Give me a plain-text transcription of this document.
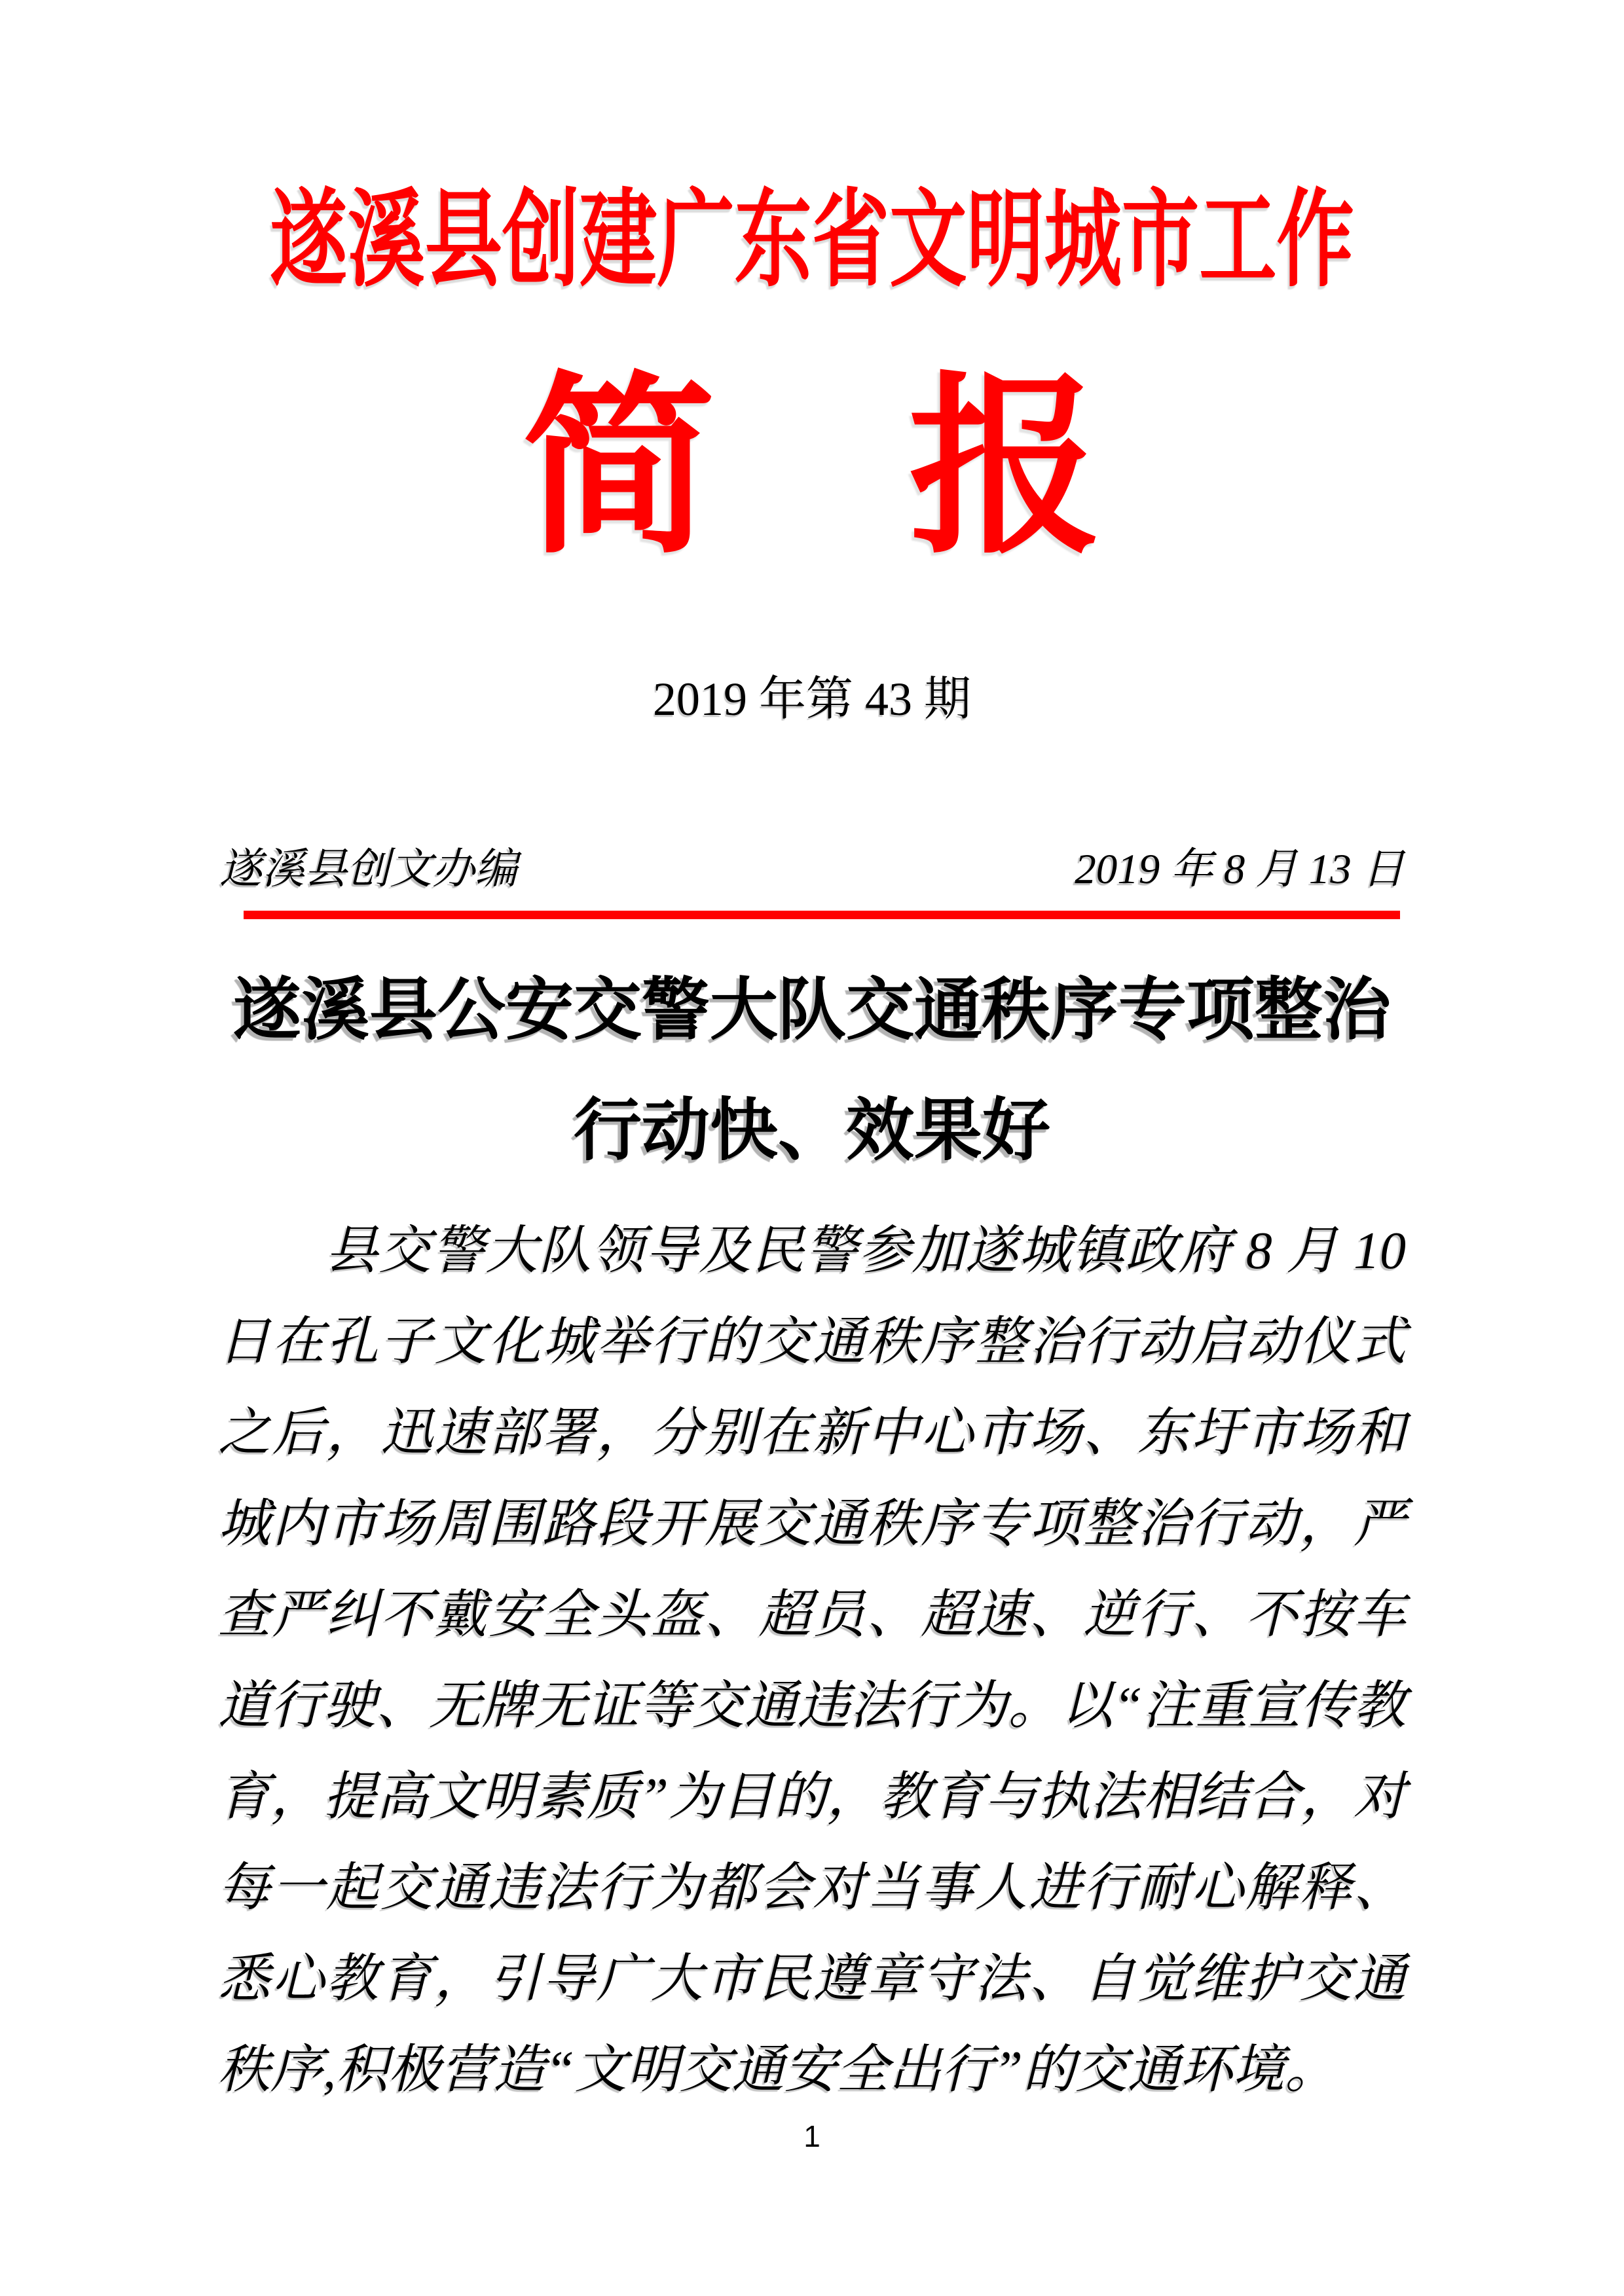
遂溪县创建广东省文明城市工作
简　报
2019 年第 43 期
遂溪县创文办编	2019 年 8 月 13 日
遂溪县公安交警大队交通秩序专项整治
行动快、效果好
县交警大队领导及民警参加遂城镇政府 8 月 10 日在孔子文化城举行的交通秩序整治行动启动仪式之后，迅速部署，分别在新中心市场、东圩市场和城内市场周围路段开展交通秩序专项整治行动，严查严纠不戴安全头盔、超员、超速、逆行、不按车道行驶、无牌无证等交通违法行为。以“注重宣传教育，提高文明素质”为目的，教育与执法相结合，对每一起交通违法行为都会对当事人进行耐心解释、悉心教育，引导广大市民遵章守法、自觉维护交通秩序,积极营造“文明交通安全出行”的交通环境。
1
